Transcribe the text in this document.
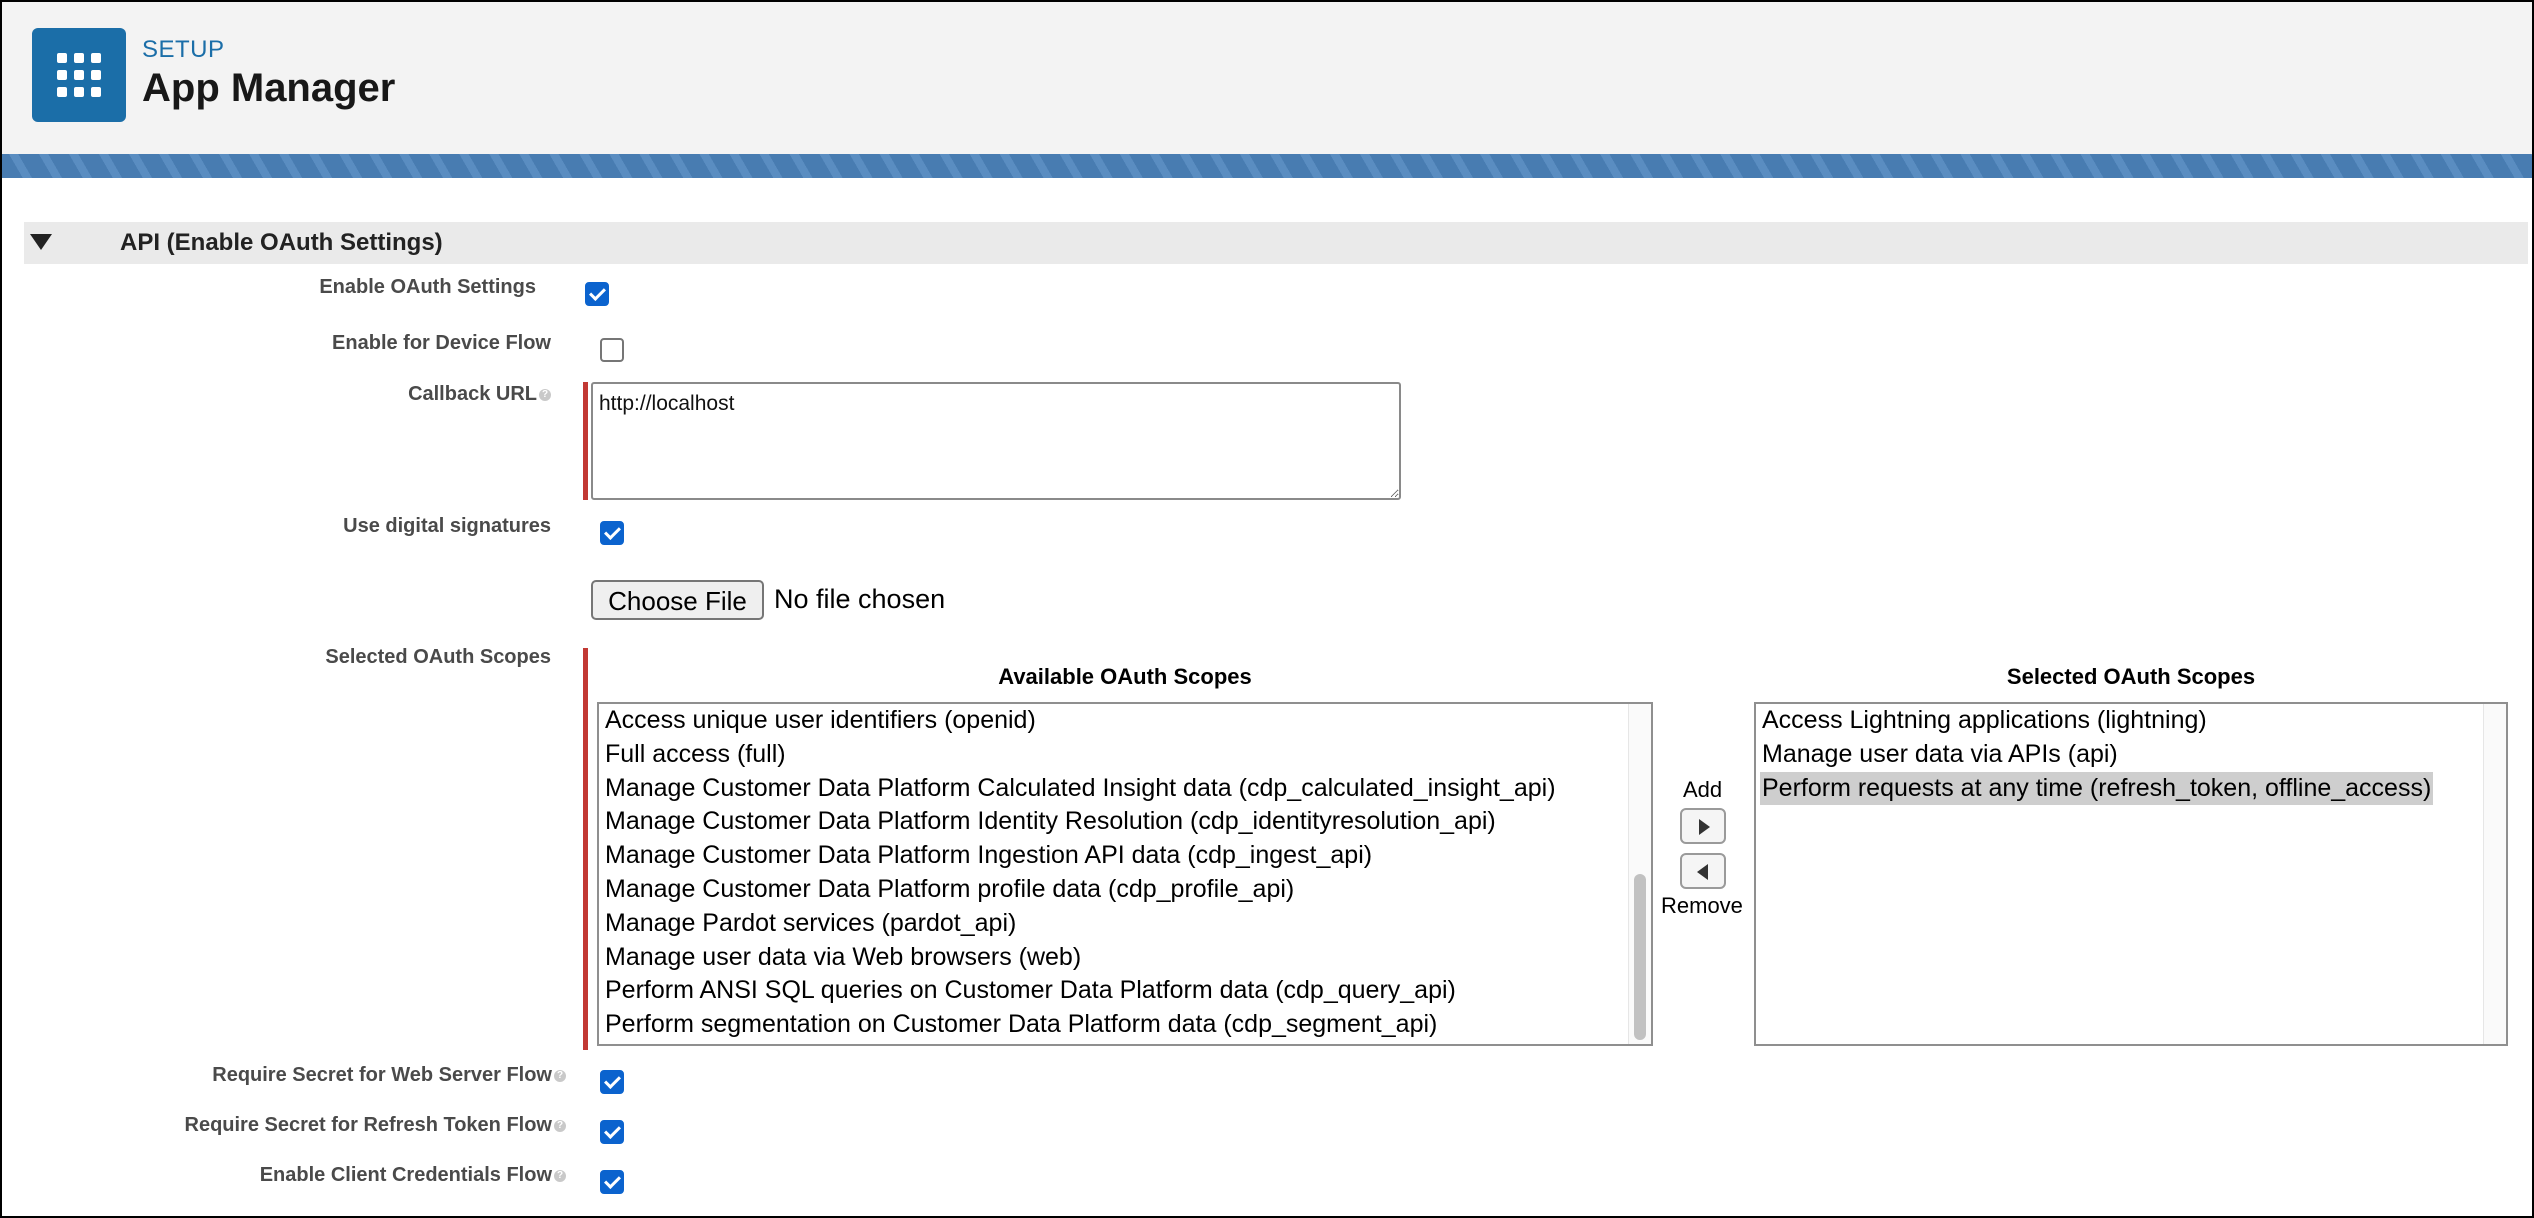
SETUP
App Manager
API (Enable OAuth Settings)
Enable OAuth Settings
Enable for Device Flow
Callback URL ?
http://localhost
Use digital signatures
Choose File	No file chosen
Selected OAuth Scopes
Available OAuth Scopes	Selected OAuth Scopes
Perform segmentation on Customer Data Platform data (cdp_segment_api)
Perform ANSI SQL queries on Customer Data Platform data (cdp_query_api)
Manage user data via Web browsers (web)
Manage Pardot services (pardot_api)
Manage Customer Data Platform profile data (cdp_profile_api)
Manage Customer Data Platform Ingestion API data (cdp_ingest_api)
Manage Customer Data Platform Identity Resolution (cdp_identityresolution_api)
Manage Customer Data Platform Calculated Insight data (cdp_calculated_insight_api)
Full access (full)
Access unique user identifiers (openid)
Add
Remove
Perform requests at any time (refresh_token, offline_access)
Manage user data via APIs (api)
Access Lightning applications (lightning)
Require Secret for Web Server Flow ?
Require Secret for Refresh Token Flow ?
Enable Client Credentials Flow ?
